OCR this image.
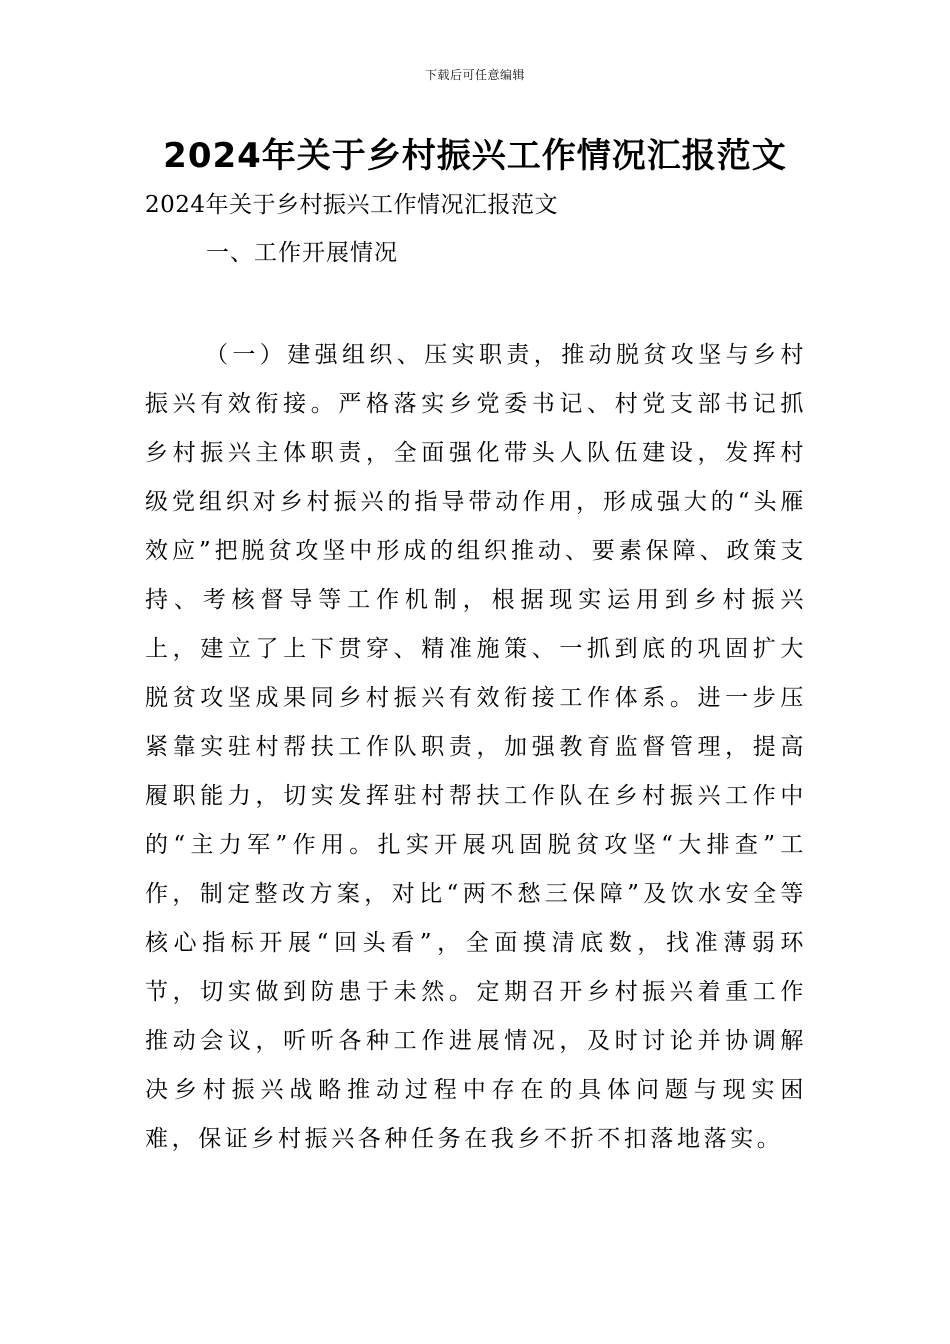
下载后可任意编辑
2024年关于乡村振兴工作情况汇报范文
2024年关于乡村振兴工作情况汇报范文
一、工作开展情况

（一）建强组织、压实职责，推动脱贫攻坚与乡村振兴有效衔接。严格落实乡党委书记、村党支部书记抓乡村振兴主体职责，全面强化带头人队伍建设，发挥村级党组织对乡村振兴的指导带动作用，形成强大的“头雁效应”把脱贫攻坚中形成的组织推动、要素保障、政策支持、考核督导等工作机制，根据现实运用到乡村振兴上，建立了上下贯穿、精准施策、一抓到底的巩固扩大脱贫攻坚成果同乡村振兴有效衔接工作体系。进一步压紧靠实驻村帮扶工作队职责，加强教育监督管理，提高履职能力，切实发挥驻村帮扶工作队在乡村振兴工作中的“主力军”作用。扎实开展巩固脱贫攻坚“大排查”工作，制定整改方案，对比“两不愁三保障”及饮水安全等核心指标开展“回头看”，全面摸清底数，找准薄弱环节，切实做到防患于未然。定期召开乡村振兴着重工作推动会议，听听各种工作进展情况，及时讨论并协调解决乡村振兴战略推动过程中存在的具体问题与现实困难，保证乡村振兴各种任务在我乡不折不扣落地落实。
